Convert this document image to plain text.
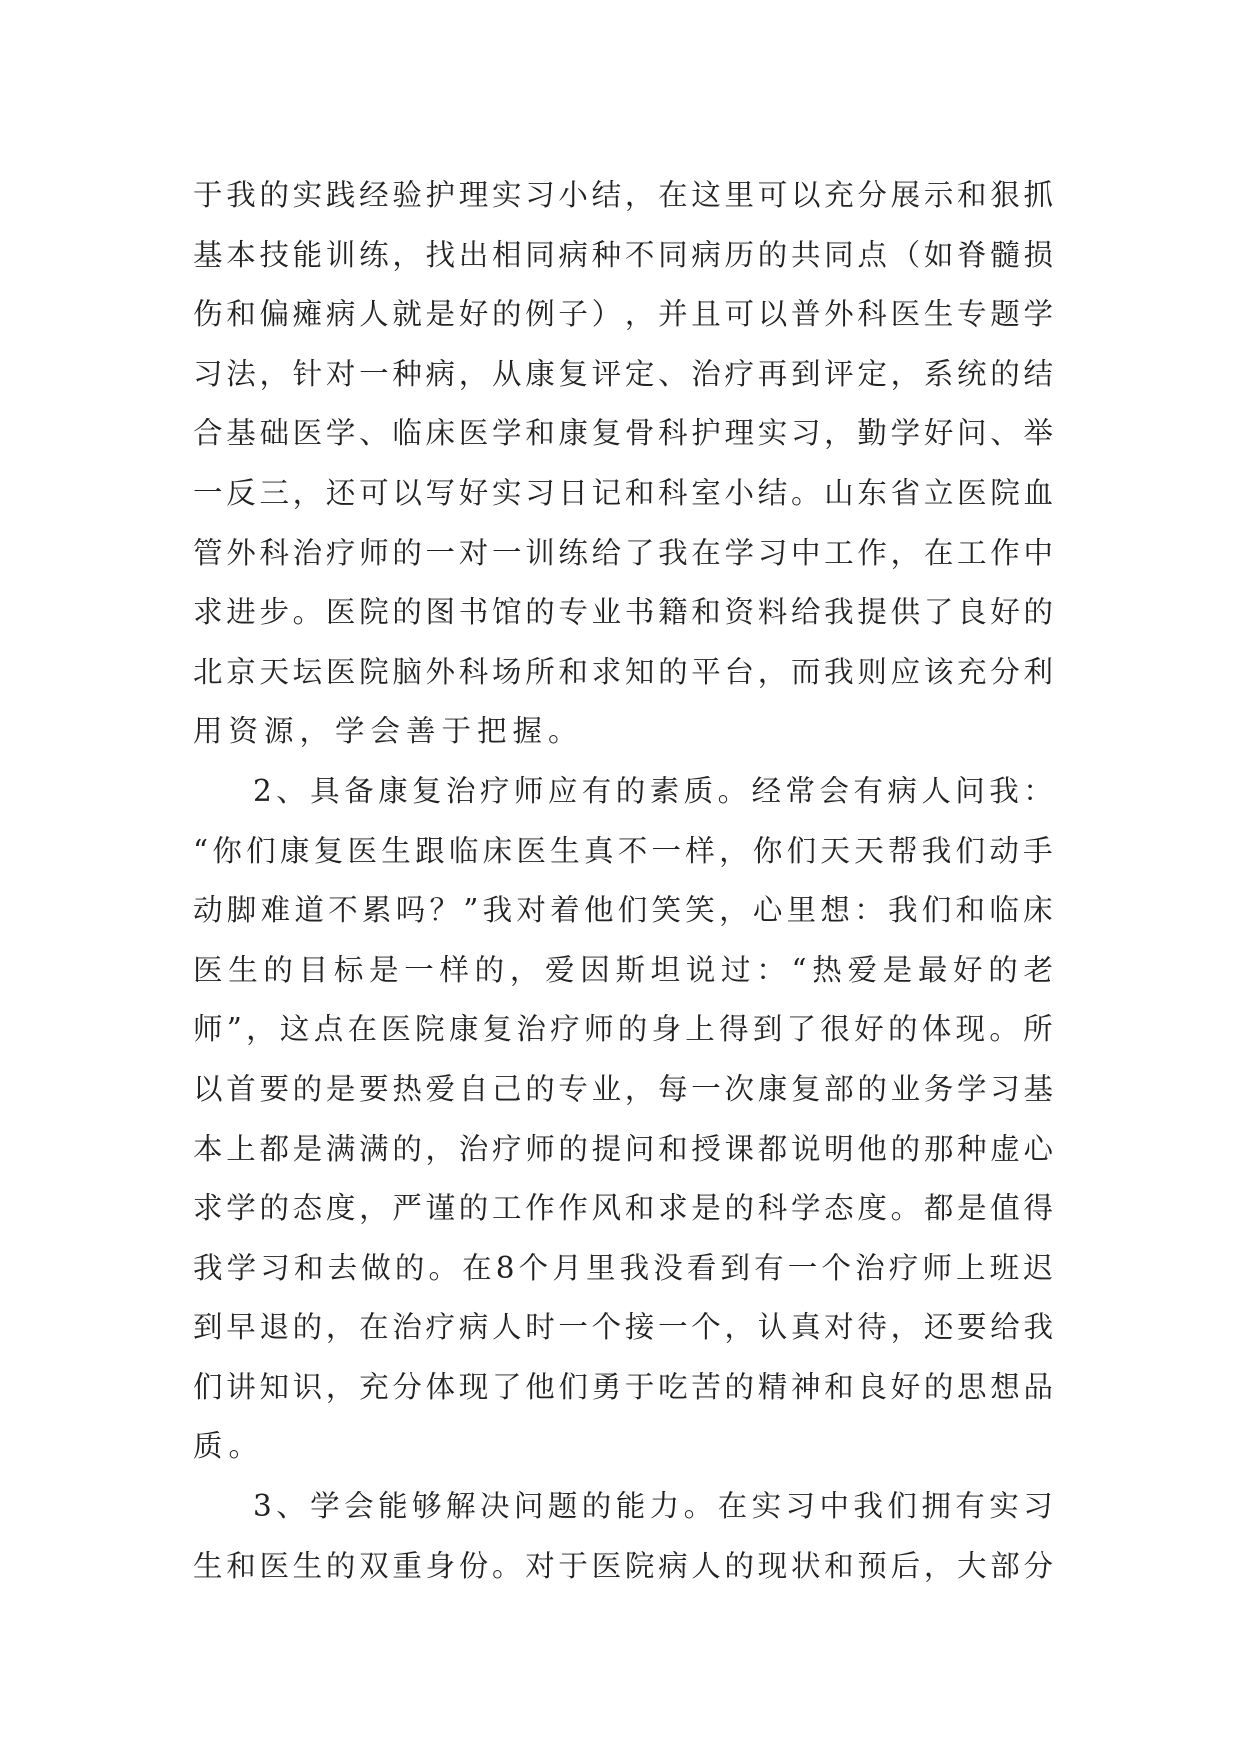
于 我 的 实 践 经 验 护 理 实 习 小 结 ， 在 这 里 可 以 充 分 展 示 和 狠 抓
基 本 技 能 训 练 ， 找 出 相 同 病 种 不 同 病 历 的 共 同 点 （ 如 脊 髓 损
伤 和 偏 瘫 病 人 就 是 好 的 例 子 ） ， 并 且 可 以 普 外 科 医 生 专 题 学
习 法 ， 针 对 一 种 病 ， 从 康 复 评 定 、 治 疗 再 到 评 定 ， 系 统 的 结
合 基 础 医 学 、 临 床 医 学 和 康 复 骨 科 护 理 实 习 ， 勤 学 好 问 、 举
一 反 三 ， 还 可 以 写 好 实 习 日 记 和 科 室 小 结 。 山 东 省 立 医 院 血
管 外 科 治 疗 师 的 一 对 一 训 练 给 了 我 在 学 习 中 工 作 ， 在 工 作 中
求 进 步 。 医 院 的 图 书 馆 的 专 业 书 籍 和 资 料 给 我 提 供 了 良 好 的
北 京 天 坛 医 院 脑 外 科 场 所 和 求 知 的 平 台 ， 而 我 则 应 该 充 分 利
用资源，学会善于把握。
2 、 具 备 康 复 治 疗 师 应 有 的 素 质 。 经 常 会 有 病 人 问 我 ：
“ 你 们 康 复 医 生 跟 临 床 医 生 真 不 一 样 ， 你 们 天 天 帮 我 们 动 手
动 脚 难 道 不 累 吗 ？ ” 我 对 着 他 们 笑 笑 ， 心 里 想 ： 我 们 和 临 床
医 生 的 目 标 是 一 样 的 ， 爱 因 斯 坦 说 过 ： “ 热 爱 是 最 好 的 老
师 ” ， 这 点 在 医 院 康 复 治 疗 师 的 身 上 得 到 了 很 好 的 体 现 。 所
以 首 要 的 是 要 热 爱 自 己 的 专 业 ， 每 一 次 康 复 部 的 业 务 学 习 基
本 上 都 是 满 满 的 ， 治 疗 师 的 提 问 和 授 课 都 说 明 他 的 那 种 虚 心
求 学 的 态 度 ， 严 谨 的 工 作 作 风 和 求 是 的 科 学 态 度 。 都 是 值 得
我 学 习 和 去 做 的 。 在 8 个 月 里 我 没 看 到 有 一 个 治 疗 师 上 班 迟
到 早 退 的 ， 在 治 疗 病 人 时 一 个 接 一 个 ， 认 真 对 待 ， 还 要 给 我
们 讲 知 识 ， 充 分 体 现 了 他 们 勇 于 吃 苦 的 精 神 和 良 好 的 思 想 品
质。
3 、 学 会 能 够 解 决 问 题 的 能 力 。 在 实 习 中 我 们 拥 有 实 习
生 和 医 生 的 双 重 身 份 。 对 于 医 院 病 人 的 现 状 和 预 后 ， 大 部 分
